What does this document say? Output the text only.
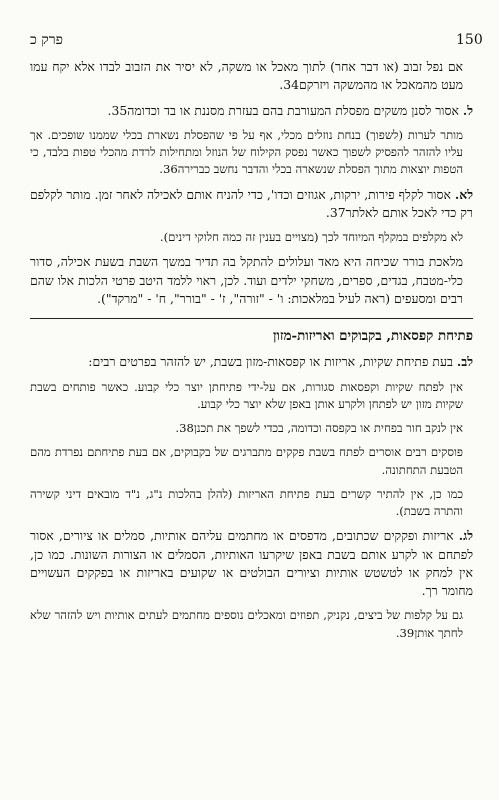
150
פרק כ

אם נפל זבוב (או דבר אחר) לתוך מאכל או משקה, לא יסיר את הזבוב לבדו אלא יקח עמו מעט מהמאכל או מהמשקה ויזרקם34.

ל. אסור לסנן משקים מפסלת המעורבת בהם בעזרת מסננת או בד וכדומה35.

מותר לערות (לשפוך) בנחת נוזלים מכלי, אף על פי שהפסלת נשארת בכלי שממנו שופכים. אך עליו להזהר להפסיק לשפוך כאשר נפסק הקילוח של הנוזל ומתחילות לרדת מהכלי טפות בלבד, כי הטפות יוצאות מתוך הפסלת שנשארה בכלי והדבר נחשב כברירה36.

לא. אסור לקלף פירות, ירקות, אגוזים וכדו', כדי להניח אותם לאכילה לאחר זמן. מותר לקלפם רק כדי לאכל אותם לאלתר37.

לא מקלפים במקלף המיוחד לכך (מצויים בענין זה כמה חלוקי דינים).

מלאכת בורר שכיחה היא מאד ועלולים להתקל בה תדיר במשך השבת בשעת אכילה, סדור כלי-מטבח, בגדים, ספרים, משחקי ילדים ועוד. לכן, ראוי ללמד היטב פרטי הלכות אלו שהם רבים ומסעפים (ראה לעיל במלאכות: ו' - "זורה", ז' - "בורר", ח' - "מרקד").

פתיחת קפסאות, בקבוקים ואריזות-מזון

לב. בעת פתיחת שקיות, אריזות או קפסאות-מזון בשבת, יש להזהר בפרטים רבים:

אין לפתח שקיות וקפסאות סגורות, אם על-ידי פתיחתן יוצר כלי קבוע. כאשר פותחים בשבת שקיות מזון יש לפתחן ולקרע אותן באפן שלא יוצר כלי קבוע.

אין לנקב חור בפחית או בקפסה וכדומה, בכדי לשפך את תכנן38.

פוסקים רבים אוסרים לפתח בשבת פקקים מתברגים של בקבוקים, אם בעת פתיחתם נפרדת מהם הטבעת התחתונה.

כמו כן, אין להתיר קשרים בעת פתיחת האריזות (להלן בהלכות נ"ג, נ"ד מובאים דיני קשירה והתרה בשבת).

לג. אריזות ופקקים שכתובים, מדפסים או מחתמים עליהם אותיות, סמלים או ציורים, אסור לפתחם או לקרע אותם בשבת באפן שיקרעו האותיות, הסמלים או הצורות השונות. כמו כן, אין למחק או לטשטש אותיות וציורים הבולטים או שקועים באריזות או בפקקים העשויים מחומר רך.

גם על קלפות של ביצים, נקניק, תפוזים ומאכלים נוספים מחתמים לעתים אותיות ויש להזהר שלא לחתך אותן39.
